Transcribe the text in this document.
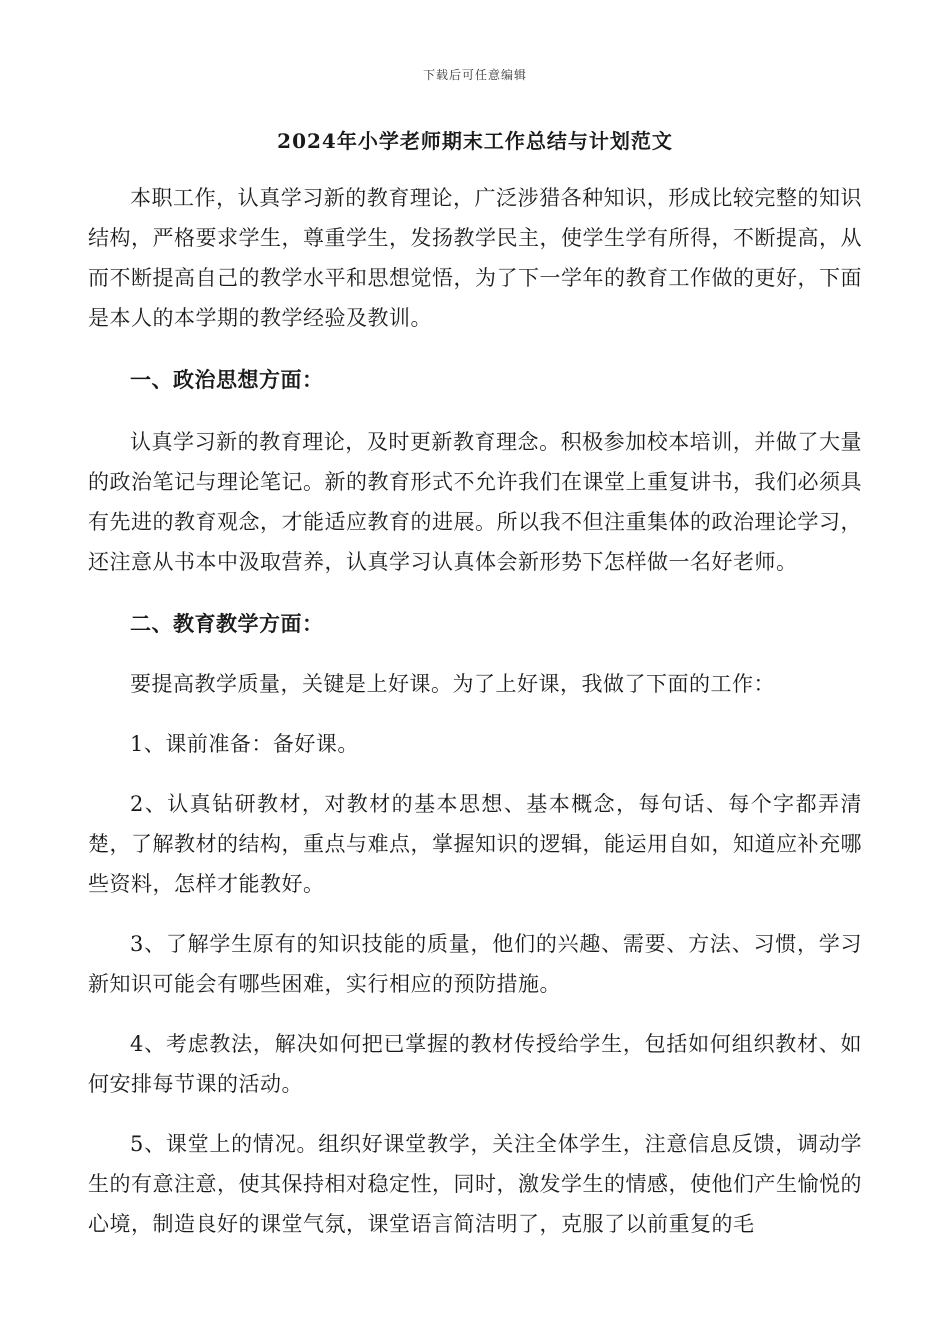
下载后可任意编辑
2024年小学老师期末工作总结与计划范文

本职工作，认真学习新的教育理论，广泛涉猎各种知识，形成比较完整的知识结构，严格要求学生，尊重学生，发扬教学民主，使学生学有所得，不断提高，从而不断提高自己的教学水平和思想觉悟，为了下一学年的教育工作做的更好，下面是本人的本学期的教学经验及教训。

一、政治思想方面：

认真学习新的教育理论，及时更新教育理念。积极参加校本培训，并做了大量的政治笔记与理论笔记。新的教育形式不允许我们在课堂上重复讲书，我们必须具有先进的教育观念，才能适应教育的进展。所以我不但注重集体的政治理论学习，还注意从书本中汲取营养，认真学习认真体会新形势下怎样做一名好老师。

二、教育教学方面：

要提高教学质量，关键是上好课。为了上好课，我做了下面的工作：

1、课前准备：备好课。

2、认真钻研教材，对教材的基本思想、基本概念，每句话、每个字都弄清楚，了解教材的结构，重点与难点，掌握知识的逻辑，能运用自如，知道应补充哪些资料，怎样才能教好。

3、了解学生原有的知识技能的质量，他们的兴趣、需要、方法、习惯，学习新知识可能会有哪些困难，实行相应的预防措施。

4、考虑教法，解决如何把已掌握的教材传授给学生，包括如何组织教材、如何安排每节课的活动。

5、课堂上的情况。组织好课堂教学，关注全体学生，注意信息反馈，调动学生的有意注意，使其保持相对稳定性，同时，激发学生的情感，使他们产生愉悦的心境，制造良好的课堂气氛，课堂语言简洁明了，克服了以前重复的毛
